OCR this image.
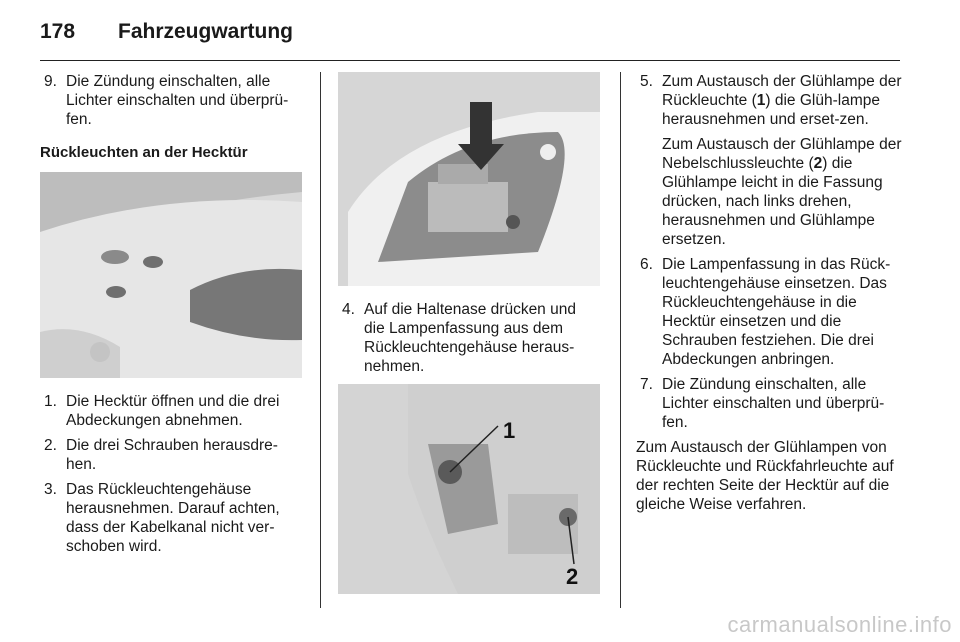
178 Fahrzeugwartung
9. Die Zündung einschalten, alle Lichter einschalten und überprü-fen.
Rückleuchten an der Hecktür
1. Die Hecktür öffnen und die drei Abdeckungen abnehmen.
2. Die drei Schrauben herausdre-hen.
3. Das Rückleuchtengehäuse herausnehmen. Darauf achten, dass der Kabelkanal nicht ver-schoben wird.
4. Auf die Haltenase drücken und die Lampenfassung aus dem Rückleuchtengehäuse heraus-nehmen.
1
2
5. Zum Austausch der Glühlampe der Rückleuchte (1) die Glüh-lampe herausnehmen und erset-zen.

Zum Austausch der Glühlampe der Nebelschlussleuchte (2) die Glühlampe leicht in die Fassung drücken, nach links drehen, herausnehmen und Glühlampe ersetzen.

6. Die Lampenfassung in das Rück-leuchtengehäuse einsetzen. Das Rückleuchtengehäuse in die Hecktür einsetzen und die Schrauben festziehen. Die drei Abdeckungen anbringen.
7. Die Zündung einschalten, alle Lichter einschalten und überprü-fen.

Zum Austausch der Glühlampen von Rückleuchte und Rückfahrleuchte auf der rechten Seite der Hecktür auf die gleiche Weise verfahren.

carmanualsonline.info
